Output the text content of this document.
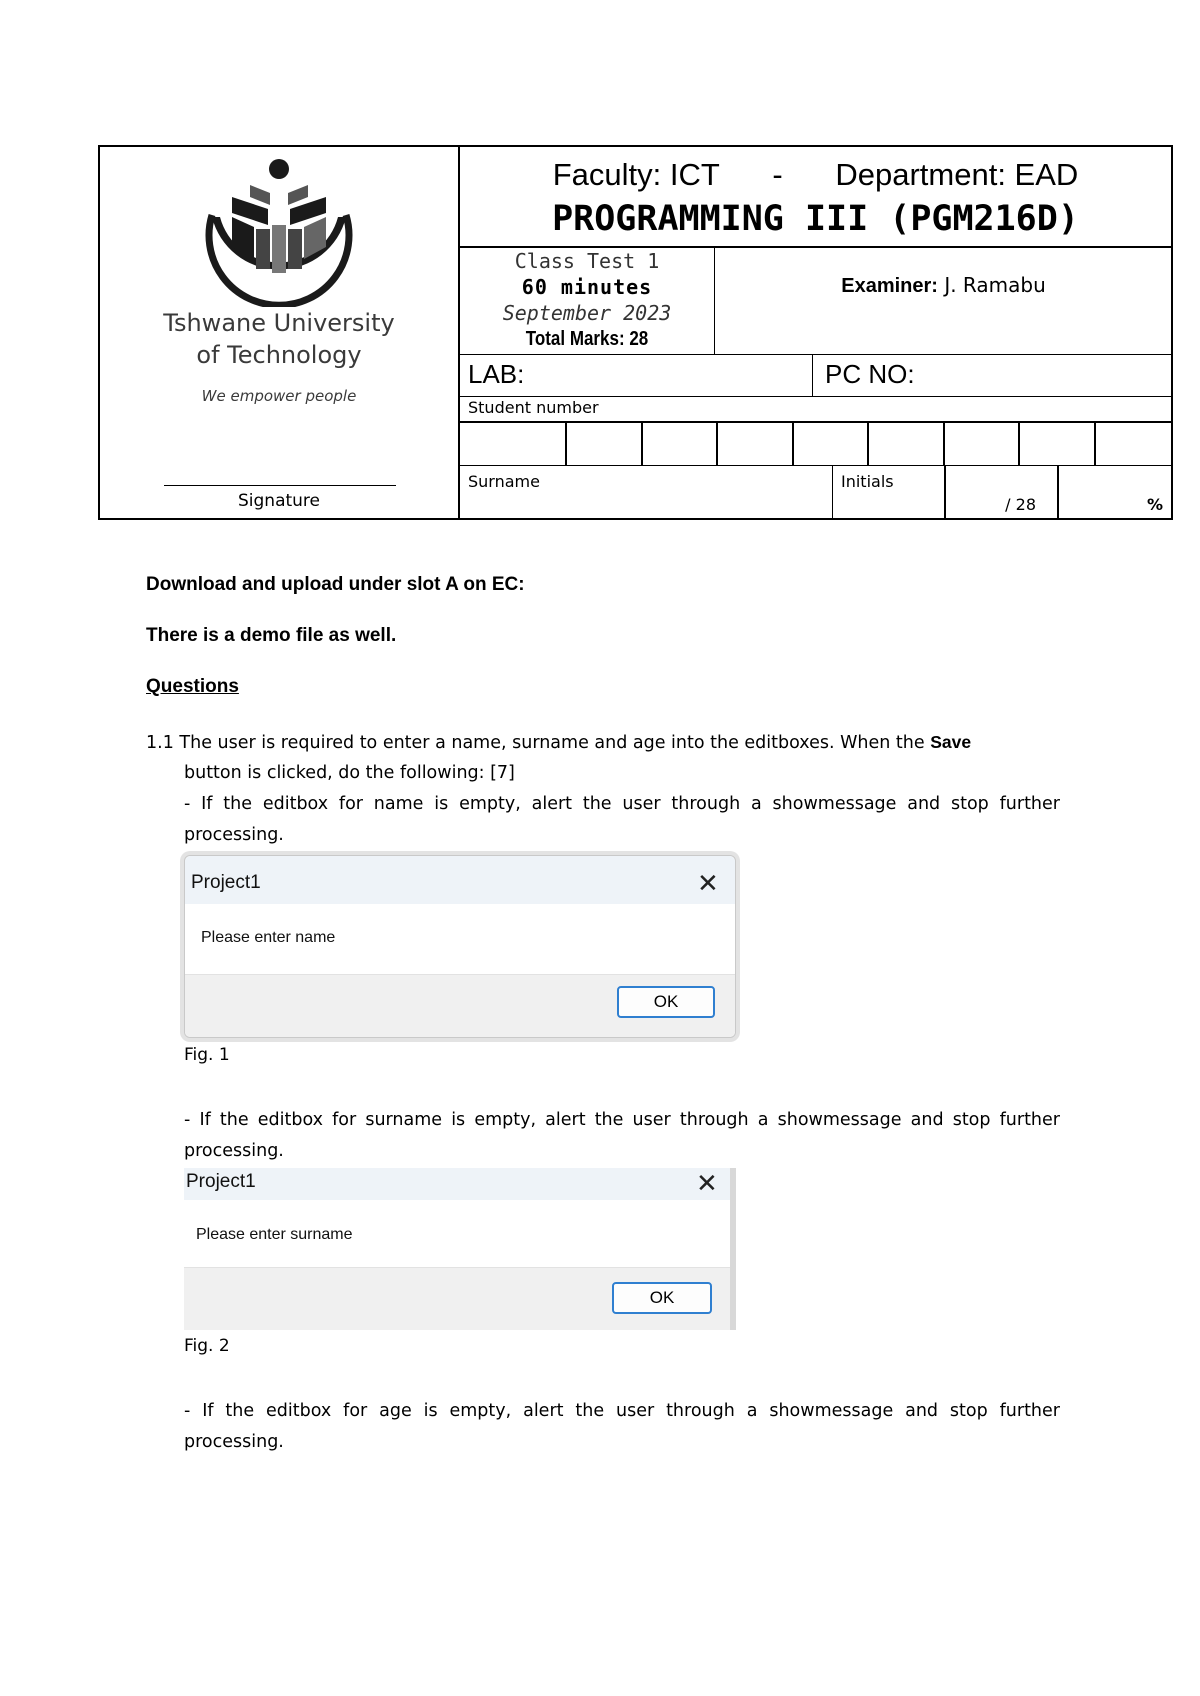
Tshwane University
of Technology
We empower people
Signature
Faculty: ICT - Department: EAD
PROGRAMMING III (PGM216D)
Class Test 1
60 minutes
September 2023
Total Marks: 28
Examiner: J. Ramabu
LAB:	PC NO:
Student number
Surname	Initials
/ 28	%
Download and upload under slot A on EC:
There is a demo file as well.
Questions
1.1 The user is required to enter a name, surname and age into the editboxes. When the Save
button is clicked, do the following: [7]
- If the editbox for name is empty, alert the user through a showmessage and stop further processing.
Project1	✕
Please enter name
OK
Fig. 1
- If the editbox for surname is empty, alert the user through a showmessage and stop further processing.
Project1	✕
Please enter surname
OK
Fig. 2
- If the editbox for age is empty, alert the user through a showmessage and stop further processing.
